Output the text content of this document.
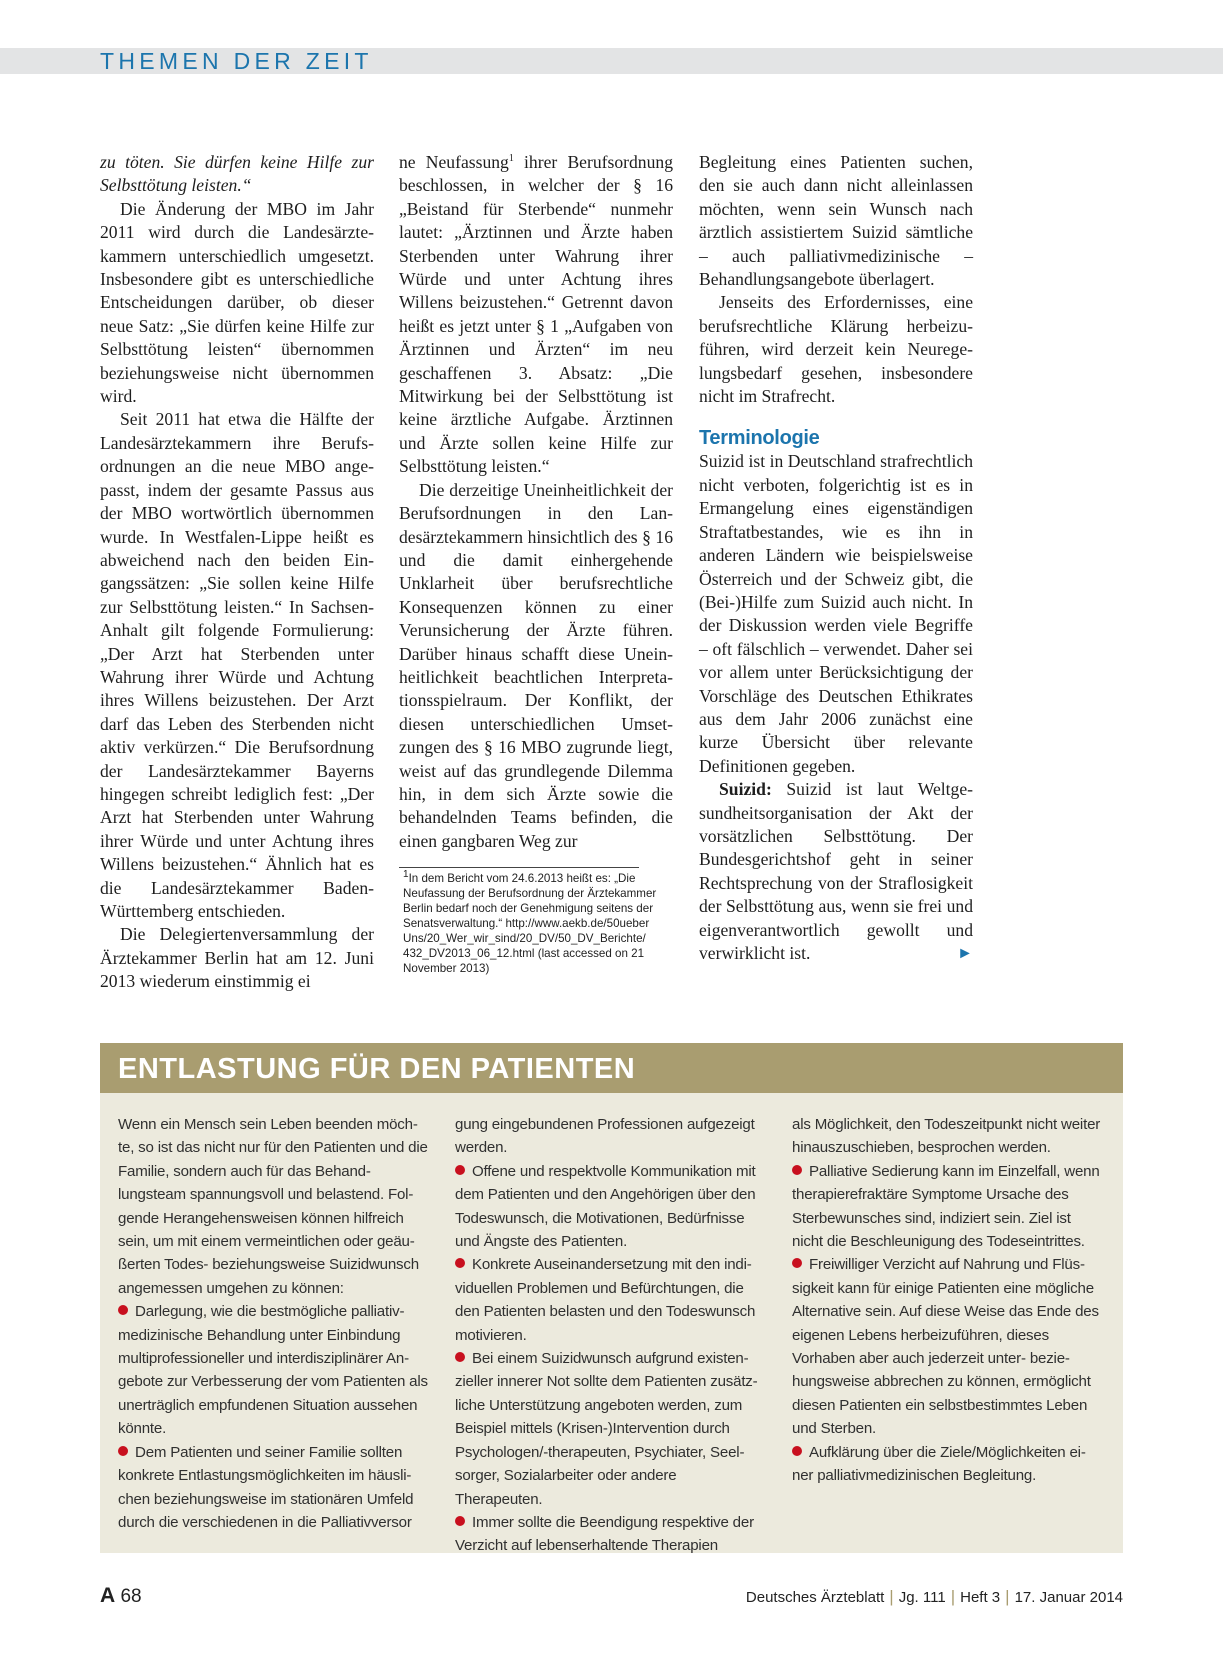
THEMEN DER ZEIT

zu töten. Sie dürfen keine Hilfe zur Selbsttötung leisten.“

Die Änderung der MBO im Jahr 2011 wird durch die Landesärztekammern unterschiedlich umgesetzt. Insbesondere gibt es unterschiedliche Entscheidungen darüber, ob dieser neue Satz: „Sie dürfen keine Hilfe zur Selbsttötung leisten“ übernommen beziehungsweise nicht übernommen wird.

Seit 2011 hat etwa die Hälfte der Landesärztekammern ihre Berufsordnungen an die neue MBO angepasst, indem der gesamte Passus aus der MBO wortwörtlich übernommen wurde. In Westfalen-Lippe heißt es abweichend nach den beiden Eingangssätzen: „Sie sollen keine Hilfe zur Selbsttötung leisten.“ In Sachsen-Anhalt gilt folgende Formulierung: „Der Arzt hat Sterbenden unter Wahrung ihrer Würde und Achtung ihres Willens beizustehen. Der Arzt darf das Leben des Sterbenden nicht aktiv verkürzen.“ Die Berufsordnung der Landesärztekammer Bayerns hingegen schreibt lediglich fest: „Der Arzt hat Sterbenden unter Wahrung ihrer Würde und unter Achtung ihres Willens beizustehen.“ Ähnlich hat es die Landesärztekammer Baden-Württemberg entschieden.

Die Delegiertenversammlung der Ärztekammer Berlin hat am 12. Juni 2013 wiederum einstimmig ei

ne Neufassung$^1$ ihrer Berufsordnung beschlossen, in welcher der § 16 „Beistand für Sterbende“ nunmehr lautet: „Ärztinnen und Ärzte haben Sterbenden unter Wahrung ihrer Würde und unter Achtung ihres Willens beizustehen.“ Getrennt davon heißt es jetzt unter § 1 „Aufgaben von Ärztinnen und Ärzten“ im neu geschaffenen 3. Absatz: „Die Mitwirkung bei der Selbsttötung ist keine ärztliche Aufgabe. Ärztinnen und Ärzte sollen keine Hilfe zur Selbsttötung leisten.“

Die derzeitige Uneinheitlichkeit der Berufsordnungen in den Landesärztekammern hinsichtlich des § 16 und die damit einhergehende Unklarheit über berufsrechtliche Konsequenzen können zu einer Verunsicherung der Ärzte führen. Darüber hinaus schafft diese Uneinheitlichkeit beachtlichen Interpretationsspielraum. Der Konflikt, der diesen unterschiedlichen Umsetzungen des § 16 MBO zugrunde liegt, weist auf das grundlegende Dilemma hin, in dem sich Ärzte sowie die behandelnden Teams befinden, die einen gangbaren Weg zur

$^1$In dem Bericht vom 24.6.2013 heißt es: „Die Neufassung der Berufsordnung der Ärztekammer Berlin bedarf noch der Genehmigung seitens der Senatsverwaltung.“ http://www.aekb.de/50ueber Uns/20_Wer_wir_sind/20_DV/50_DV_Berichte/ 432_DV2013_06_12.html (last accessed on 21 November 2013)

Begleitung eines Patienten suchen, den sie auch dann nicht alleinlassen möchten, wenn sein Wunsch nach ärztlich assistiertem Suizid sämtliche – auch palliativmedizinische – Behandlungsangebote überlagert.

Jenseits des Erfordernisses, eine berufsrechtliche Klärung herbeizuführen, wird derzeit kein Neuregelungsbedarf gesehen, insbesondere nicht im Strafrecht.

Terminologie

Suizid ist in Deutschland strafrechtlich nicht verboten, folgerichtig ist es in Ermangelung eines eigenständigen Straftatbestandes, wie es ihn in anderen Ländern wie beispielsweise Österreich und der Schweiz gibt, die (Bei-)Hilfe zum Suizid auch nicht. In der Diskussion werden viele Begriffe – oft fälschlich – verwendet. Daher sei vor allem unter Berücksichtigung der Vorschläge des Deutschen Ethikrates aus dem Jahr 2006 zunächst eine kurze Übersicht über relevante Definitionen gegeben.

Suizid: Suizid ist laut Weltgesundheitsorganisation der Akt der vorsätzlichen Selbsttötung. Der Bundesgerichtshof geht in seiner Rechtsprechung von der Straflosigkeit der Selbsttötung aus, wenn sie frei und eigenverantwortlich gewollt und verwirklicht ist.	►

ENTLASTUNG FÜR DEN PATIENTEN

Wenn ein Mensch sein Leben beenden möchte, so ist das nicht nur für den Patienten und die Familie, sondern auch für das Behandlungsteam spannungsvoll und belastend. Folgende Herangehensweisen können hilfreich sein, um mit einem vermeintlichen oder geäußerten Todes- beziehungsweise Suizidwunsch angemessen umgehen zu können:

Darlegung, wie die bestmögliche palliativmedizinische Behandlung unter Einbindung multiprofessioneller und interdisziplinärer Angebote zur Verbesserung der vom Patienten als unerträglich empfundenen Situation aussehen könnte.

Dem Patienten und seiner Familie sollten konkrete Entlastungsmöglichkeiten im häuslichen beziehungsweise im stationären Umfeld durch die verschiedenen in die Palliativversor

gung eingebundenen Professionen aufgezeigt werden.

Offene und respektvolle Kommunikation mit dem Patienten und den Angehörigen über den Todeswunsch, die Motivationen, Bedürfnisse und Ängste des Patienten.

Konkrete Auseinandersetzung mit den individuellen Problemen und Befürchtungen, die den Patienten belasten und den Todeswunsch motivieren.

Bei einem Suizidwunsch aufgrund existenzieller innerer Not sollte dem Patienten zusätzliche Unterstützung angeboten werden, zum Beispiel mittels (Krisen-)Intervention durch Psychologen/-therapeuten, Psychiater, Seelsorger, Sozialarbeiter oder andere Therapeuten.

Immer sollte die Beendigung respektive der Verzicht auf lebenserhaltende Therapien

als Möglichkeit, den Todeszeitpunkt nicht weiter hinauszuschieben, besprochen werden.

Palliative Sedierung kann im Einzelfall, wenn therapierefraktäre Symptome Ursache des Sterbewunsches sind, indiziert sein. Ziel ist nicht die Beschleunigung des Todeseintrittes.

Freiwilliger Verzicht auf Nahrung und Flüssigkeit kann für einige Patienten eine mögliche Alternative sein. Auf diese Weise das Ende des eigenen Lebens herbeizuführen, dieses Vorhaben aber auch jederzeit unter- beziehungsweise abbrechen zu können, ermöglicht diesen Patienten ein selbstbestimmtes Leben und Sterben.

Aufklärung über die Ziele/Möglichkeiten einer palliativmedizinischen Begleitung.

A 68	Deutsches Ärzteblatt | Jg. 111 | Heft 3 | 17. Januar 2014
